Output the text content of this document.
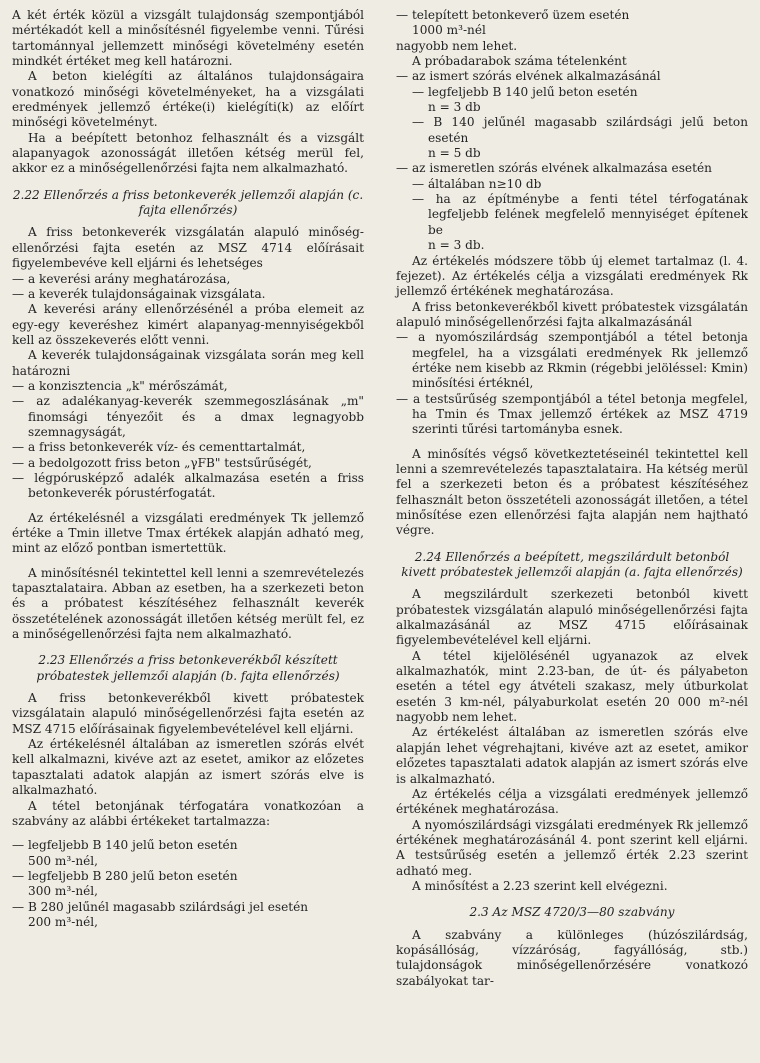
A két érték közül a vizsgált tulajdonság szempontjából mértékadót kell a minősítésnél figyelembe venni. Tűrési tartománnyal jellemzett minőségi követelmény esetén mindkét értéket meg kell határozni.

A beton kielégíti az általános tulajdonságaira vonatkozó minőségi követelményeket, ha a vizsgálati eredmények jellemző értéke(i) kielégíti(k) az előírt minőségi követelményt.

Ha a beépített betonhoz felhasznált és a vizsgált alapanyagok azonosságát illetően kétség merül fel, akkor ez a minőségellenőrzési fajta nem alkalmazható.

2.22 Ellenőrzés a friss betonkeverék jellemzői alapján (c. fajta ellenőrzés)

A friss betonkeverék vizsgálatán alapuló minőség-ellenőrzési fajta esetén az MSZ 4714 előírásait figyelembevéve kell eljárni és lehetséges

— a keverési arány meghatározása,

— a keverék tulajdonságainak vizsgálata.

A keverési arány ellenőrzésénél a próba elemeit az egy-egy keveréshez kimért alapanyag-mennyiségekből kell az összekeverés előtt venni.

A keverék tulajdonságainak vizsgálata során meg kell határozni

— a konzisztencia „k" mérőszámát,

— az adalékanyag-keverék szemmegoszlásának „m" finomsági tényezőit és a dmax legnagyobb szemnagyságát,

— a friss betonkeverék víz- és cementtartalmát,

— a bedolgozott friss beton „γFB" testsűrűségét,

— légpórusképző adalék alkalmazása esetén a friss betonkeverék pórustérfogatát.

Az értékelésnél a vizsgálati eredmények Tk jellemző értéke a Tmin illetve Tmax értékek alapján adható meg, mint az előző pontban ismertettük.

A minősítésnél tekintettel kell lenni a szemrevételezés tapasztalataira. Abban az esetben, ha a szerkezeti beton és a próbatest készítéséhez felhasznált keverék összetételének azonosságát illetően kétség merült fel, ez a minőségellenőrzési fajta nem alkalmazható.

2.23 Ellenőrzés a friss betonkeverékből készített próbatestek jellemzői alapján (b. fajta ellenőrzés)

A friss betonkeverékből kivett próbatestek vizsgálatain alapuló minőségellenőrzési fajta esetén az MSZ 4715 előírásainak figyelembevételével kell eljárni.

Az értékelésnél általában az ismeretlen szórás elvét kell alkalmazni, kivéve azt az esetet, amikor az előzetes tapasztalati adatok alapján az ismert szórás elve is alkalmazható.

A tétel betonjának térfogatára vonatkozóan a szabvány az alábbi értékeket tartalmazza:

— legfeljebb B 140 jelű beton esetén

500 m³-nél,

— legfeljebb B 280 jelű beton esetén

300 m³-nél,

— B 280 jelűnél magasabb szilárdsági jel esetén

200 m³-nél,

— telepített betonkeverő üzem esetén

1000 m³-nél

nagyobb nem lehet.

A próbadarabok száma tételenként

— az ismert szórás elvének alkalmazásánál

— legfeljebb B 140 jelű beton esetén

n = 3 db

— B 140 jelűnél magasabb szilárdsági jelű beton esetén

n = 5 db

— az ismeretlen szórás elvének alkalmazása esetén

— általában n≥10 db

— ha az építménybe a fenti tétel térfogatának legfeljebb felének megfelelő mennyiséget építenek be

n = 3 db.

Az értékelés módszere több új elemet tartalmaz (l. 4. fejezet). Az értékelés célja a vizsgálati eredmények Rk jellemző értékének meghatározása.

A friss betonkeverékből kivett próbatestek vizsgálatán alapuló minőségellenőrzési fajta alkalmazásánál

— a nyomószilárdság szempontjából a tétel betonja megfelel, ha a vizsgálati eredmények Rk jellemző értéke nem kisebb az Rkmin (régebbi jelöléssel: Kmin) minősítési értéknél,

— a testsűrűség szempontjából a tétel betonja megfelel, ha Tmin és Tmax jellemző értékek az MSZ 4719 szerinti tűrési tartományba esnek.

A minősítés végső következtetéseinél tekintettel kell lenni a szemrevételezés tapasztalataira. Ha kétség merül fel a szerkezeti beton és a próbatest készítéséhez felhasznált beton összetételi azonosságát illetően, a tétel minősítése ezen ellenőrzési fajta alapján nem hajtható végre.

2.24 Ellenőrzés a beépített, megszilárdult betonból kivett próbatestek jellemzői alapján (a. fajta ellenőrzés)

A megszilárdult szerkezeti betonból kivett próbatestek vizsgálatán alapuló minőségellenőrzési fajta alkalmazásánál az MSZ 4715 előírásainak figyelembevételével kell eljárni.

A tétel kijelölésénél ugyanazok az elvek alkalmazhatók, mint 2.23-ban, de út- és pályabeton esetén a tétel egy átvételi szakasz, mely útburkolat esetén 3 km-nél, pályaburkolat esetén 20 000 m²-nél nagyobb nem lehet.

Az értékelést általában az ismeretlen szórás elve alapján lehet végrehajtani, kivéve azt az esetet, amikor előzetes tapasztalati adatok alapján az ismert szórás elve is alkalmazható.

Az értékelés célja a vizsgálati eredmények jellemző értékének meghatározása.

A nyomószilárdsági vizsgálati eredmények Rk jellemző értékének meghatározásánál 4. pont szerint kell eljárni. A testsűrűség esetén a jellemző érték 2.23 szerint adható meg.

A minősítést a 2.23 szerint kell elvégezni.

2.3 Az MSZ 4720/3—80 szabvány

A szabvány a különleges (húzószilárdság, kopásállóság, vízzáróság, fagyállóság, stb.) tulajdonságok minőségellenőrzésére vonatkozó szabályokat tar-
